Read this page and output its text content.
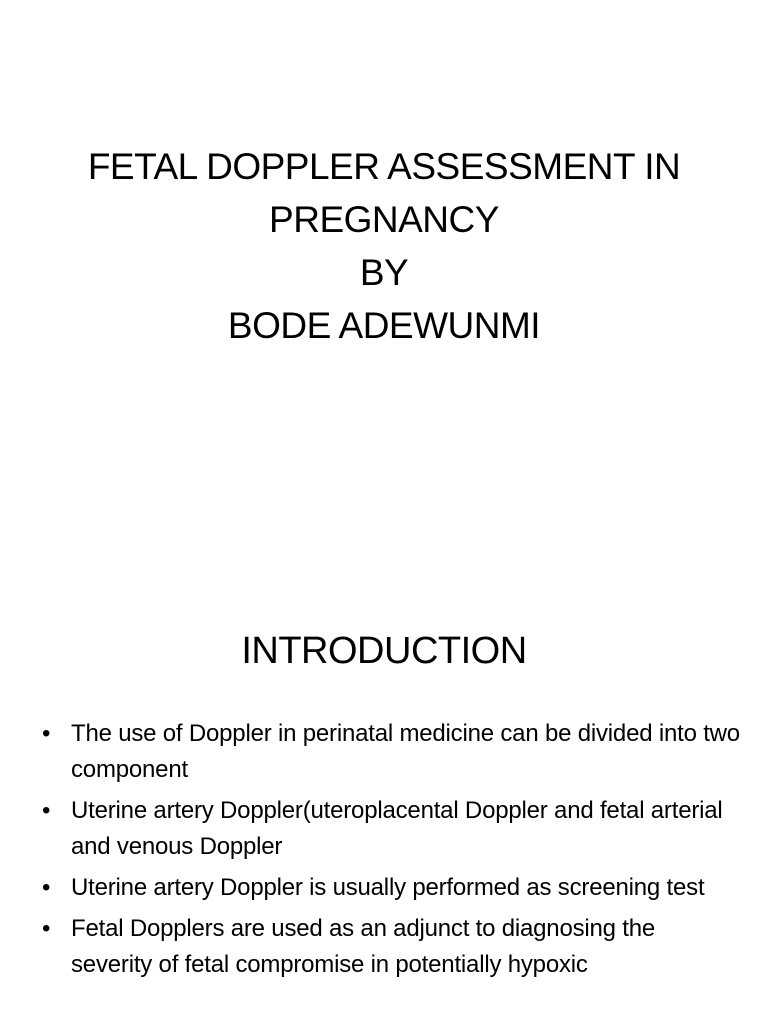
FETAL DOPPLER ASSESSMENT IN
PREGNANCY
BY
BODE ADEWUNMI
INTRODUCTION
• The use of Doppler in perinatal medicine can be divided into two component
• Uterine artery Doppler(uteroplacental Doppler and fetal arterial and venous Doppler
• Uterine artery Doppler is usually performed as screening test
• Fetal Dopplers are used as an adjunct to diagnosing the severity of fetal compromise in potentially hypoxic
